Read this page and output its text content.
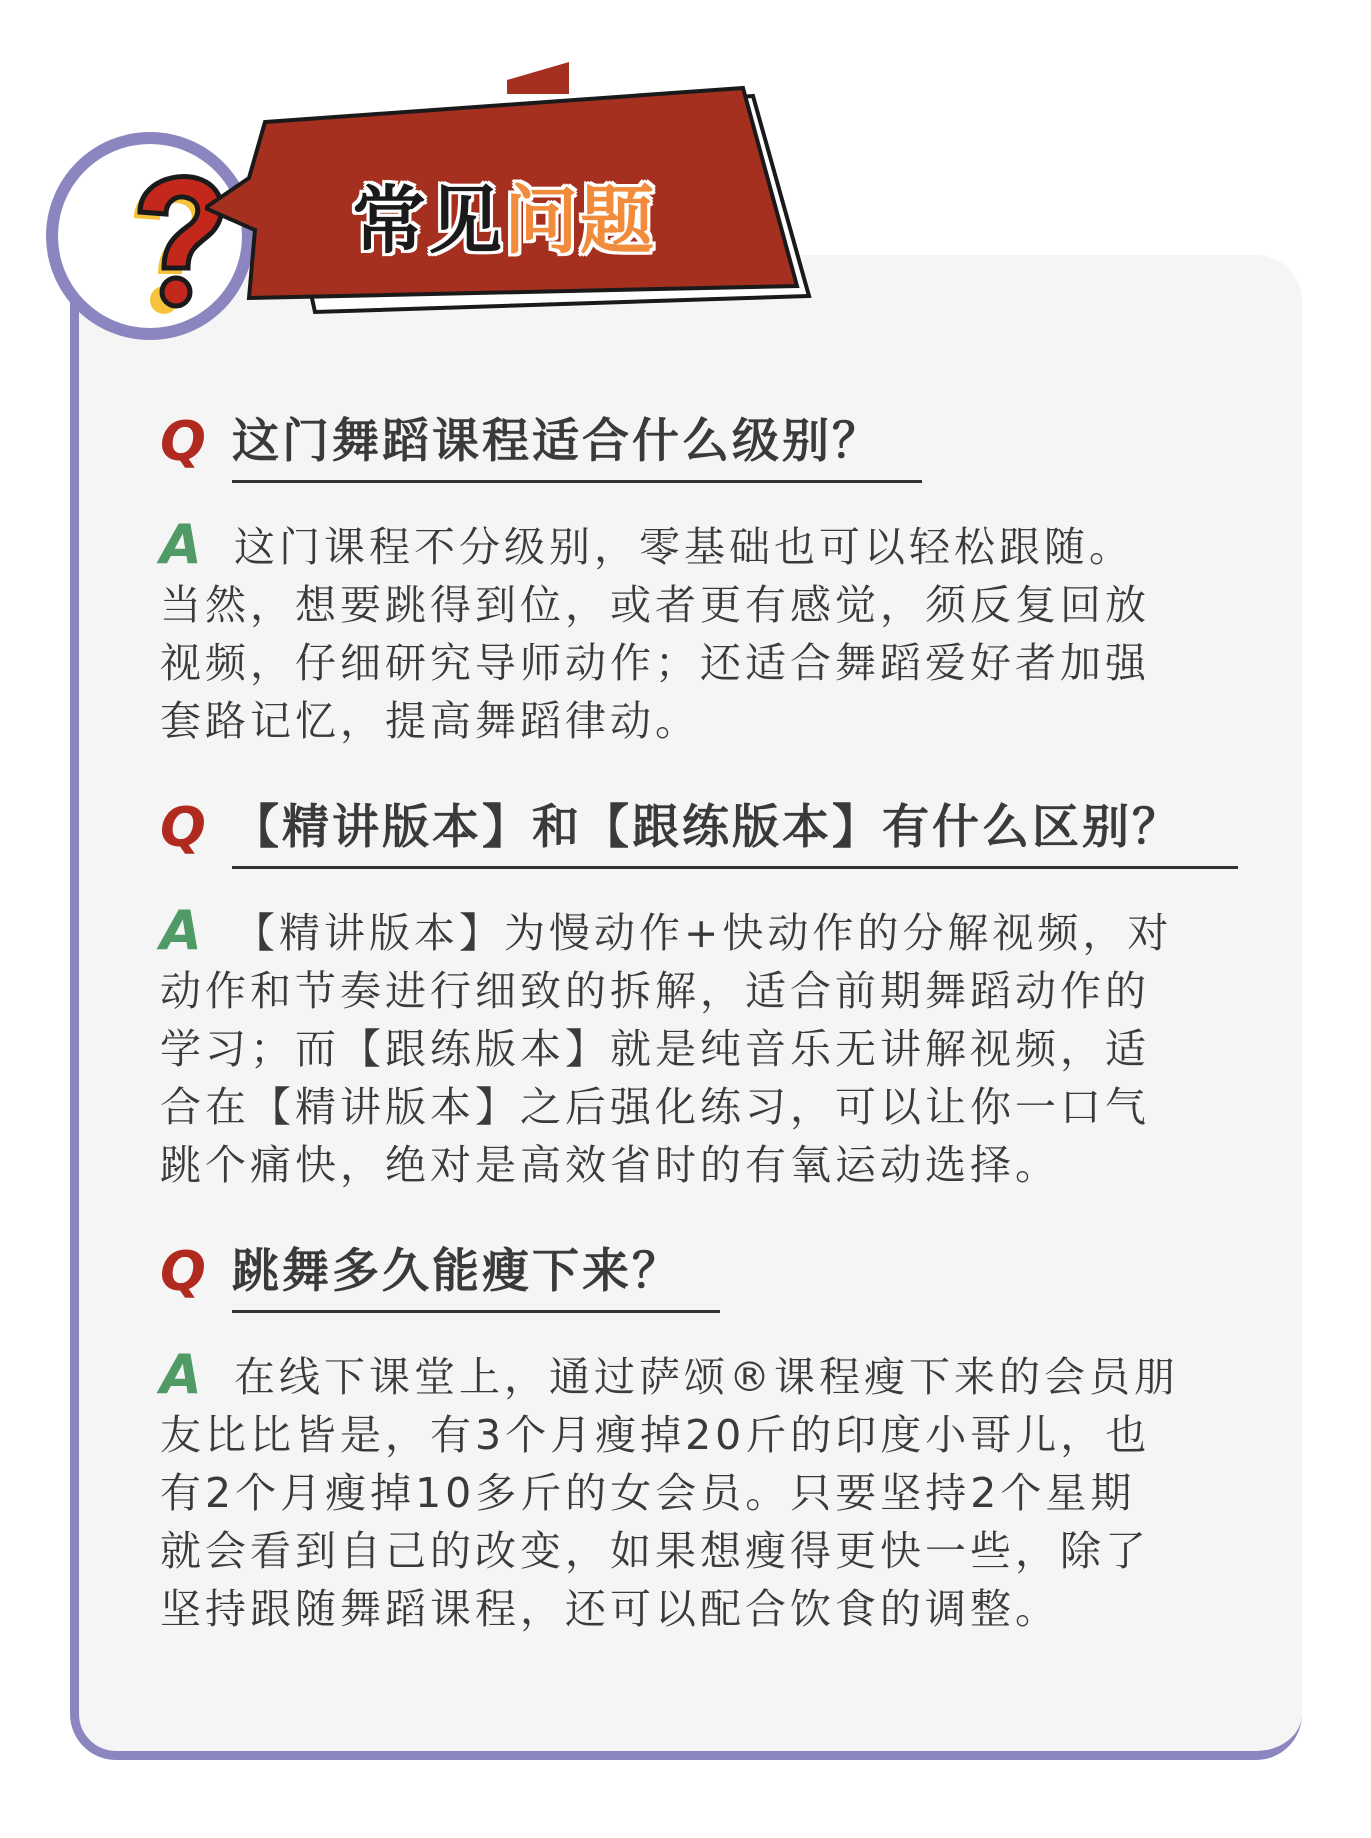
常见问题
Q 这门舞蹈课程适合什么级别？
A 这门课程不分级别，零基础也可以轻松跟随。
当然，想要跳得到位，或者更有感觉，须反复回放
视频，仔细研究导师动作；还适合舞蹈爱好者加强
套路记忆，提高舞蹈律动。
Q 【精讲版本】和【跟练版本】有什么区别？
A 【精讲版本】为慢动作+快动作的分解视频，对
动作和节奏进行细致的拆解，适合前期舞蹈动作的
学习；而【跟练版本】就是纯音乐无讲解视频，适
合在【精讲版本】之后强化练习，可以让你一口气
跳个痛快，绝对是高效省时的有氧运动选择。
Q 跳舞多久能瘦下来？
A 在线下课堂上，通过萨颂®课程瘦下来的会员朋
友比比皆是，有3个月瘦掉20斤的印度小哥儿，也
有2个月瘦掉10多斤的女会员。只要坚持2个星期
就会看到自己的改变，如果想瘦得更快一些，除了
坚持跟随舞蹈课程，还可以配合饮食的调整。
